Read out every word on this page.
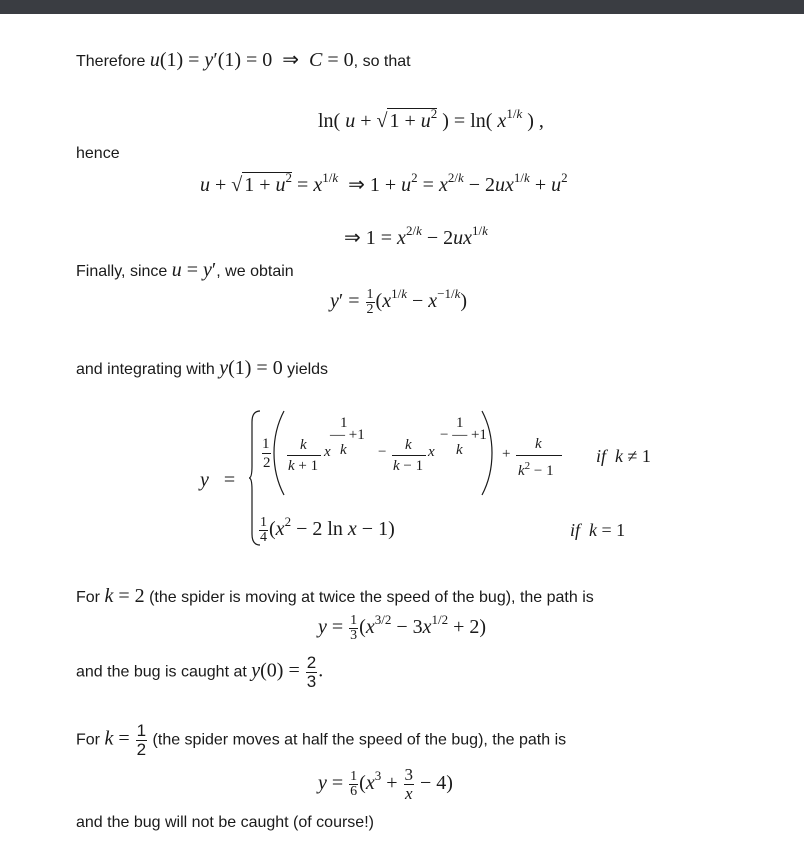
Therefore u(1) = y′(1) = 0  ⇒  C = 0, so that
ln( u + √ $1 + u^2$ ) = ln( $x^{1/k}$ ) ,
hence
u + √ $1 + u^2 = x^{1/k}$  ⇒ $1 + u^2 = x^{2/k} - 2ux^{1/k} + u^2$
⇒ $1 = x^{2/k} - 2ux^{1/k}$
Finally, since u = y′, we obtain
$y' = \frac{1}{2} (x^{1/k} - x^{-1/k})$
and integrating with y(1) = 0 yields
y   =
1
2
k
k + 1
x
1
— +1
k − k
k − 1
x
1
− — +1
k	+
k
$k^2 - 1$
if k ≠ 1
$\frac{1}{4} (x^2 - 2$ ln x − 1)	if k = 1
For k = 2 (the spider is moving at twice the speed of the bug), the path is
$y = \frac{1}{3} (x^{3/2} - 3x^{1/2} + 2)$
and the bug is caught at $y(0) = \frac{2}{3}$ .
For $k = \frac{1}{2} (the$ spider moves at half the speed of the bug), the path is
$y = \frac{1}{6} (x^3 + \frac{3}{x} - 4)$
and the bug will not be caught (of course!)
